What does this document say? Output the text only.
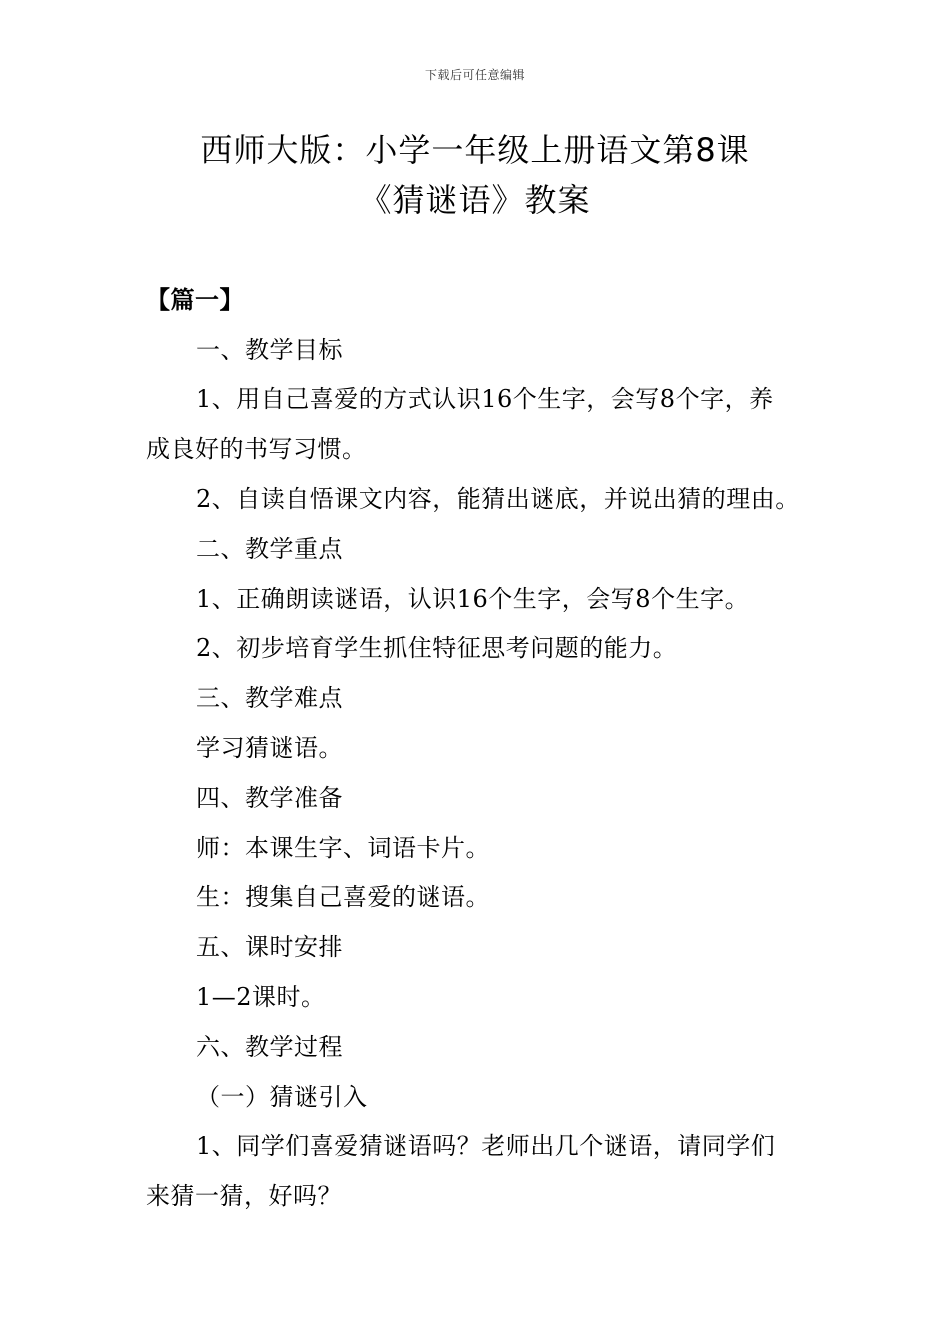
下载后可任意编辑
西师大版：小学一年级上册语文第8课
《猜谜语》教案
【篇一】
一、教学目标
1、用自己喜爱的方式认识16个生字，会写8个字，养
成良好的书写习惯。
2、自读自悟课文内容，能猜出谜底，并说出猜的理由。
二、教学重点
1、正确朗读谜语，认识16个生字，会写8个生字。
2、初步培育学生抓住特征思考问题的能力。
三、教学难点
学习猜谜语。
四、教学准备
师：本课生字、词语卡片。
生：搜集自己喜爱的谜语。
五、课时安排
1—2课时。
六、教学过程
（一）猜谜引入
1、同学们喜爱猜谜语吗？老师出几个谜语，请同学们
来猜一猜，好吗？
